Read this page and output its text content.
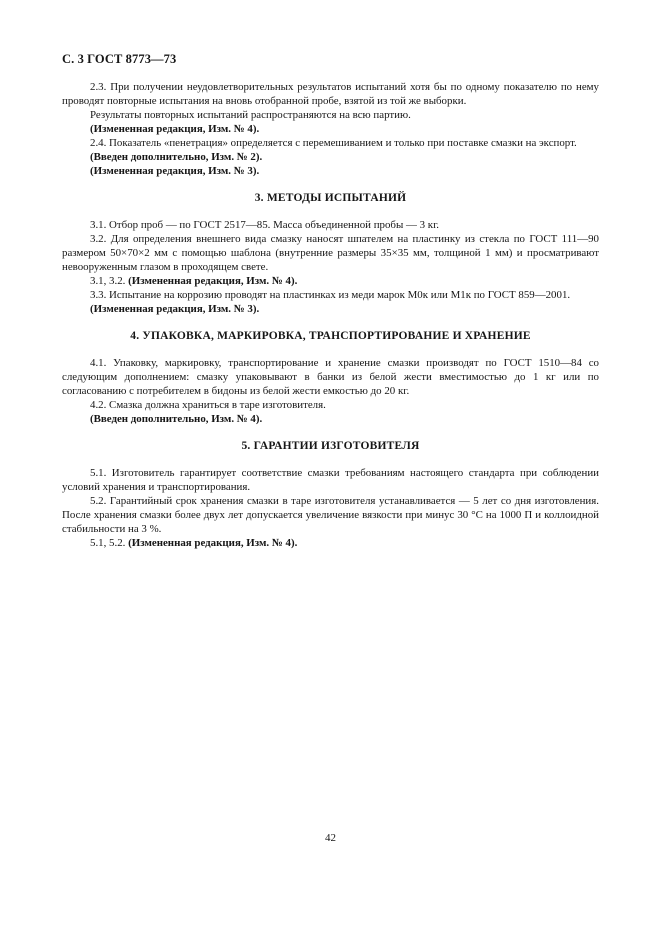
С. 3 ГОСТ 8773—73

2.3. При получении неудовлетворительных результатов испытаний хотя бы по одному показателю по нему проводят повторные испытания на вновь отобранной пробе, взятой из той же выборки.

Результаты повторных испытаний распространяются на всю партию.

(Измененная редакция, Изм. № 4).

2.4. Показатель «пенетрация» определяется с перемешиванием и только при поставке смазки на экспорт.

(Введен дополнительно, Изм. № 2).

(Измененная редакция, Изм. № 3).

3. МЕТОДЫ ИСПЫТАНИЙ

3.1. Отбор проб — по ГОСТ 2517—85. Масса объединенной пробы — 3 кг.

3.2. Для определения внешнего вида смазку наносят шпателем на пластинку из стекла по ГОСТ 111—90 размером 50×70×2 мм с помощью шаблона (внутренние размеры 35×35 мм, толщиной 1 мм) и просматривают невооруженным глазом в проходящем свете.

3.1, 3.2. (Измененная редакция, Изм. № 4).

3.3. Испытание на коррозию проводят на пластинках из меди марок М0к или М1к по ГОСТ 859—2001.

(Измененная редакция, Изм. № 3).

4. УПАКОВКА, МАРКИРОВКА, ТРАНСПОРТИРОВАНИЕ И ХРАНЕНИЕ

4.1. Упаковку, маркировку, транспортирование и хранение смазки производят по ГОСТ 1510—84 со следующим дополнением: смазку упаковывают в банки из белой жести вместимостью до 1 кг или по согласованию с потребителем в бидоны из белой жести емкостью до 20 кг.

4.2. Смазка должна храниться в таре изготовителя.

(Введен дополнительно, Изм. № 4).

5. ГАРАНТИИ ИЗГОТОВИТЕЛЯ

5.1. Изготовитель гарантирует соответствие смазки требованиям настоящего стандарта при соблюдении условий хранения и транспортирования.

5.2. Гарантийный срок хранения смазки в таре изготовителя устанавливается — 5 лет со дня изготовления. После хранения смазки более двух лет допускается увеличение вязкости при минус 30 °С на 1000 П и коллоидной стабильности на 3 %.

5.1, 5.2. (Измененная редакция, Изм. № 4).

42
